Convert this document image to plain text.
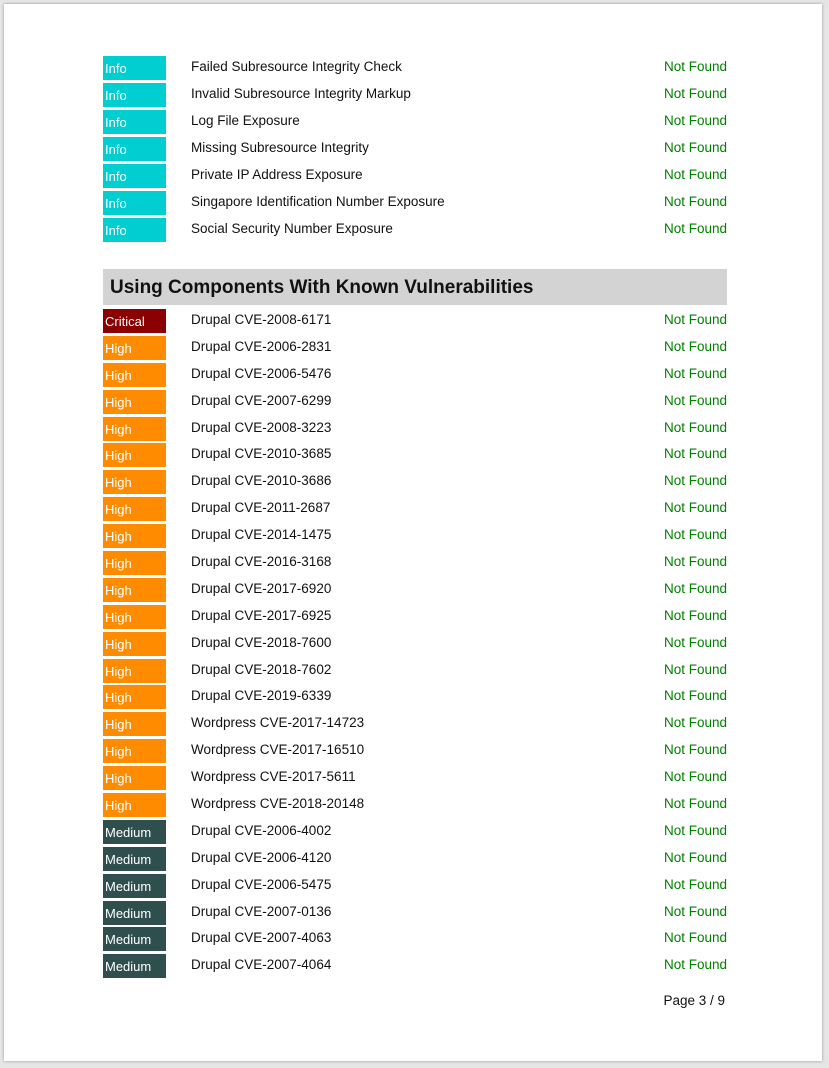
Info	Failed Subresource Integrity Check	Not Found
Info	Invalid Subresource Integrity Markup	Not Found
Info	Log File Exposure	Not Found
Info	Missing Subresource Integrity	Not Found
Info	Private IP Address Exposure	Not Found
Info	Singapore Identification Number Exposure	Not Found
Info	Social Security Number Exposure	Not Found
Using Components With Known Vulnerabilities
Critical	Drupal CVE-2008-6171	Not Found
High	Drupal CVE-2006-2831	Not Found
High	Drupal CVE-2006-5476	Not Found
High	Drupal CVE-2007-6299	Not Found
High	Drupal CVE-2008-3223	Not Found
High	Drupal CVE-2010-3685	Not Found
High	Drupal CVE-2010-3686	Not Found
High	Drupal CVE-2011-2687	Not Found
High	Drupal CVE-2014-1475	Not Found
High	Drupal CVE-2016-3168	Not Found
High	Drupal CVE-2017-6920	Not Found
High	Drupal CVE-2017-6925	Not Found
High	Drupal CVE-2018-7600	Not Found
High	Drupal CVE-2018-7602	Not Found
High	Drupal CVE-2019-6339	Not Found
High	Wordpress CVE-2017-14723	Not Found
High	Wordpress CVE-2017-16510	Not Found
High	Wordpress CVE-2017-5611	Not Found
High	Wordpress CVE-2018-20148	Not Found
Medium	Drupal CVE-2006-4002	Not Found
Medium	Drupal CVE-2006-4120	Not Found
Medium	Drupal CVE-2006-5475	Not Found
Medium	Drupal CVE-2007-0136	Not Found
Medium	Drupal CVE-2007-4063	Not Found
Medium	Drupal CVE-2007-4064	Not Found
Page 3 / 9
